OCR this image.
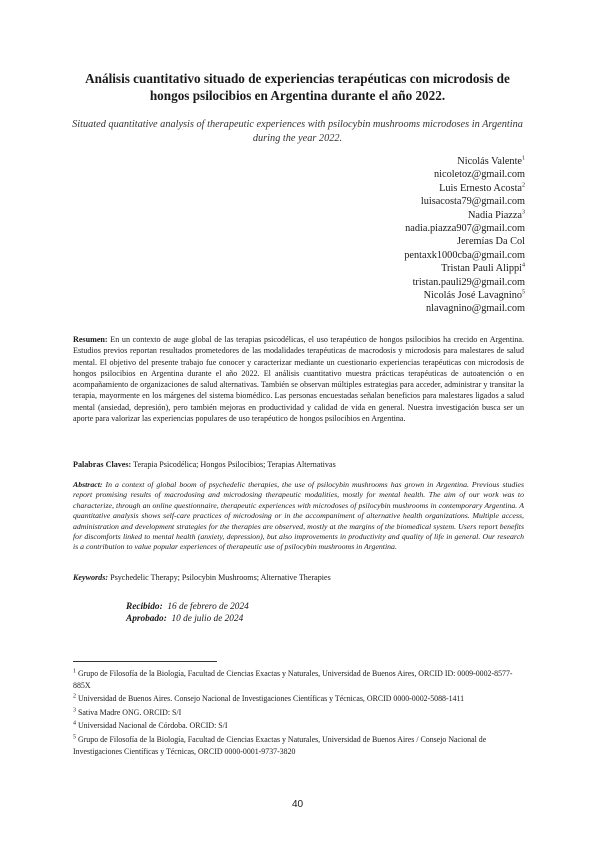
Análisis cuantitativo situado de experiencias terapéuticas con microdosis de hongos psilocibios en Argentina durante el año 2022.
Situated quantitative analysis of therapeutic experiences with psilocybin mushrooms microdoses in Argentina during the year 2022.
Nicolás Valente$^1$
nicoletoz@gmail.com
Luis Ernesto Acosta$^2$
luisacosta79@gmail.com
Nadia Piazza$^3$
nadia.piazza907@gmail.com
Jeremías Da Col
pentaxk1000cba@gmail.com
Tristan Pauli Alippi$^4$
tristan.pauli29@gmail.com
Nicolás José Lavagnino$^5$
nlavagnino@gmail.com
Resumen: En un contexto de auge global de las terapias psicodélicas, el uso terapéutico de hongos psilocibios ha crecido en Argentina. Estudios previos reportan resultados prometedores de las modalidades terapéuticas de macrodosis y microdosis para malestares de salud mental. El objetivo del presente trabajo fue conocer y caracterizar mediante un cuestionario experiencias terapéuticas con microdosis de hongos psilocibios en Argentina durante el año 2022. El análisis cuantitativo muestra prácticas terapéuticas de autoatención o en acompañamiento de organizaciones de salud alternativas. También se observan múltiples estrategias para acceder, administrar y transitar la terapia, mayormente en los márgenes del sistema biomédico. Las personas encuestadas señalan beneficios para malestares ligados a salud mental (ansiedad, depresión), pero también mejoras en productividad y calidad de vida en general. Nuestra investigación busca ser un aporte para valorizar las experiencias populares de uso terapéutico de hongos psilocibios en Argentina.
Palabras Claves: Terapia Psicodélica; Hongos Psilocibios; Terapias Alternativas
Abstract: In a context of global boom of psychedelic therapies, the use of psilocybin mushrooms has grown in Argentina. Previous studies report promising results of macrodosing and microdosing therapeutic modalities, mostly for mental health. The aim of our work was to characterize, through an online questionnaire, therapeutic experiences with microdoses of psilocybin mushrooms in contemporary Argentina. A quantitative analysis shows self-care practices of microdosing or in the accompaniment of alternative health organizations. Multiple access, administration and development strategies for the therapies are observed, mostly at the margins of the biomedical system. Users report benefits for discomforts linked to mental health (anxiety, depression), but also improvements in productivity and quality of life in general. Our research is a contribution to value popular experiences of therapeutic use of psilocybin mushrooms in Argentina.
Keywords: Psychedelic Therapy; Psilocybin Mushrooms; Alternative Therapies
Recibido: 16 de febrero de 2024
Aprobado: 10 de julio de 2024
$^1$ Grupo de Filosofía de la Biología, Facultad de Ciencias Exactas y Naturales, Universidad de Buenos Aires, ORCID ID: 0009-0002-8577-885X
$^2$ Universidad de Buenos Aires. Consejo Nacional de Investigaciones Científicas y Técnicas, ORCID 0000-0002-5088-1411
$^3$ Sativa Madre ONG. ORCID: S/I
$^4$ Universidad Nacional de Córdoba. ORCID: S/I
$^5$ Grupo de Filosofía de la Biología, Facultad de Ciencias Exactas y Naturales, Universidad de Buenos Aires / Consejo Nacional de Investigaciones Científicas y Técnicas, ORCID 0000-0001-9737-3820
40
